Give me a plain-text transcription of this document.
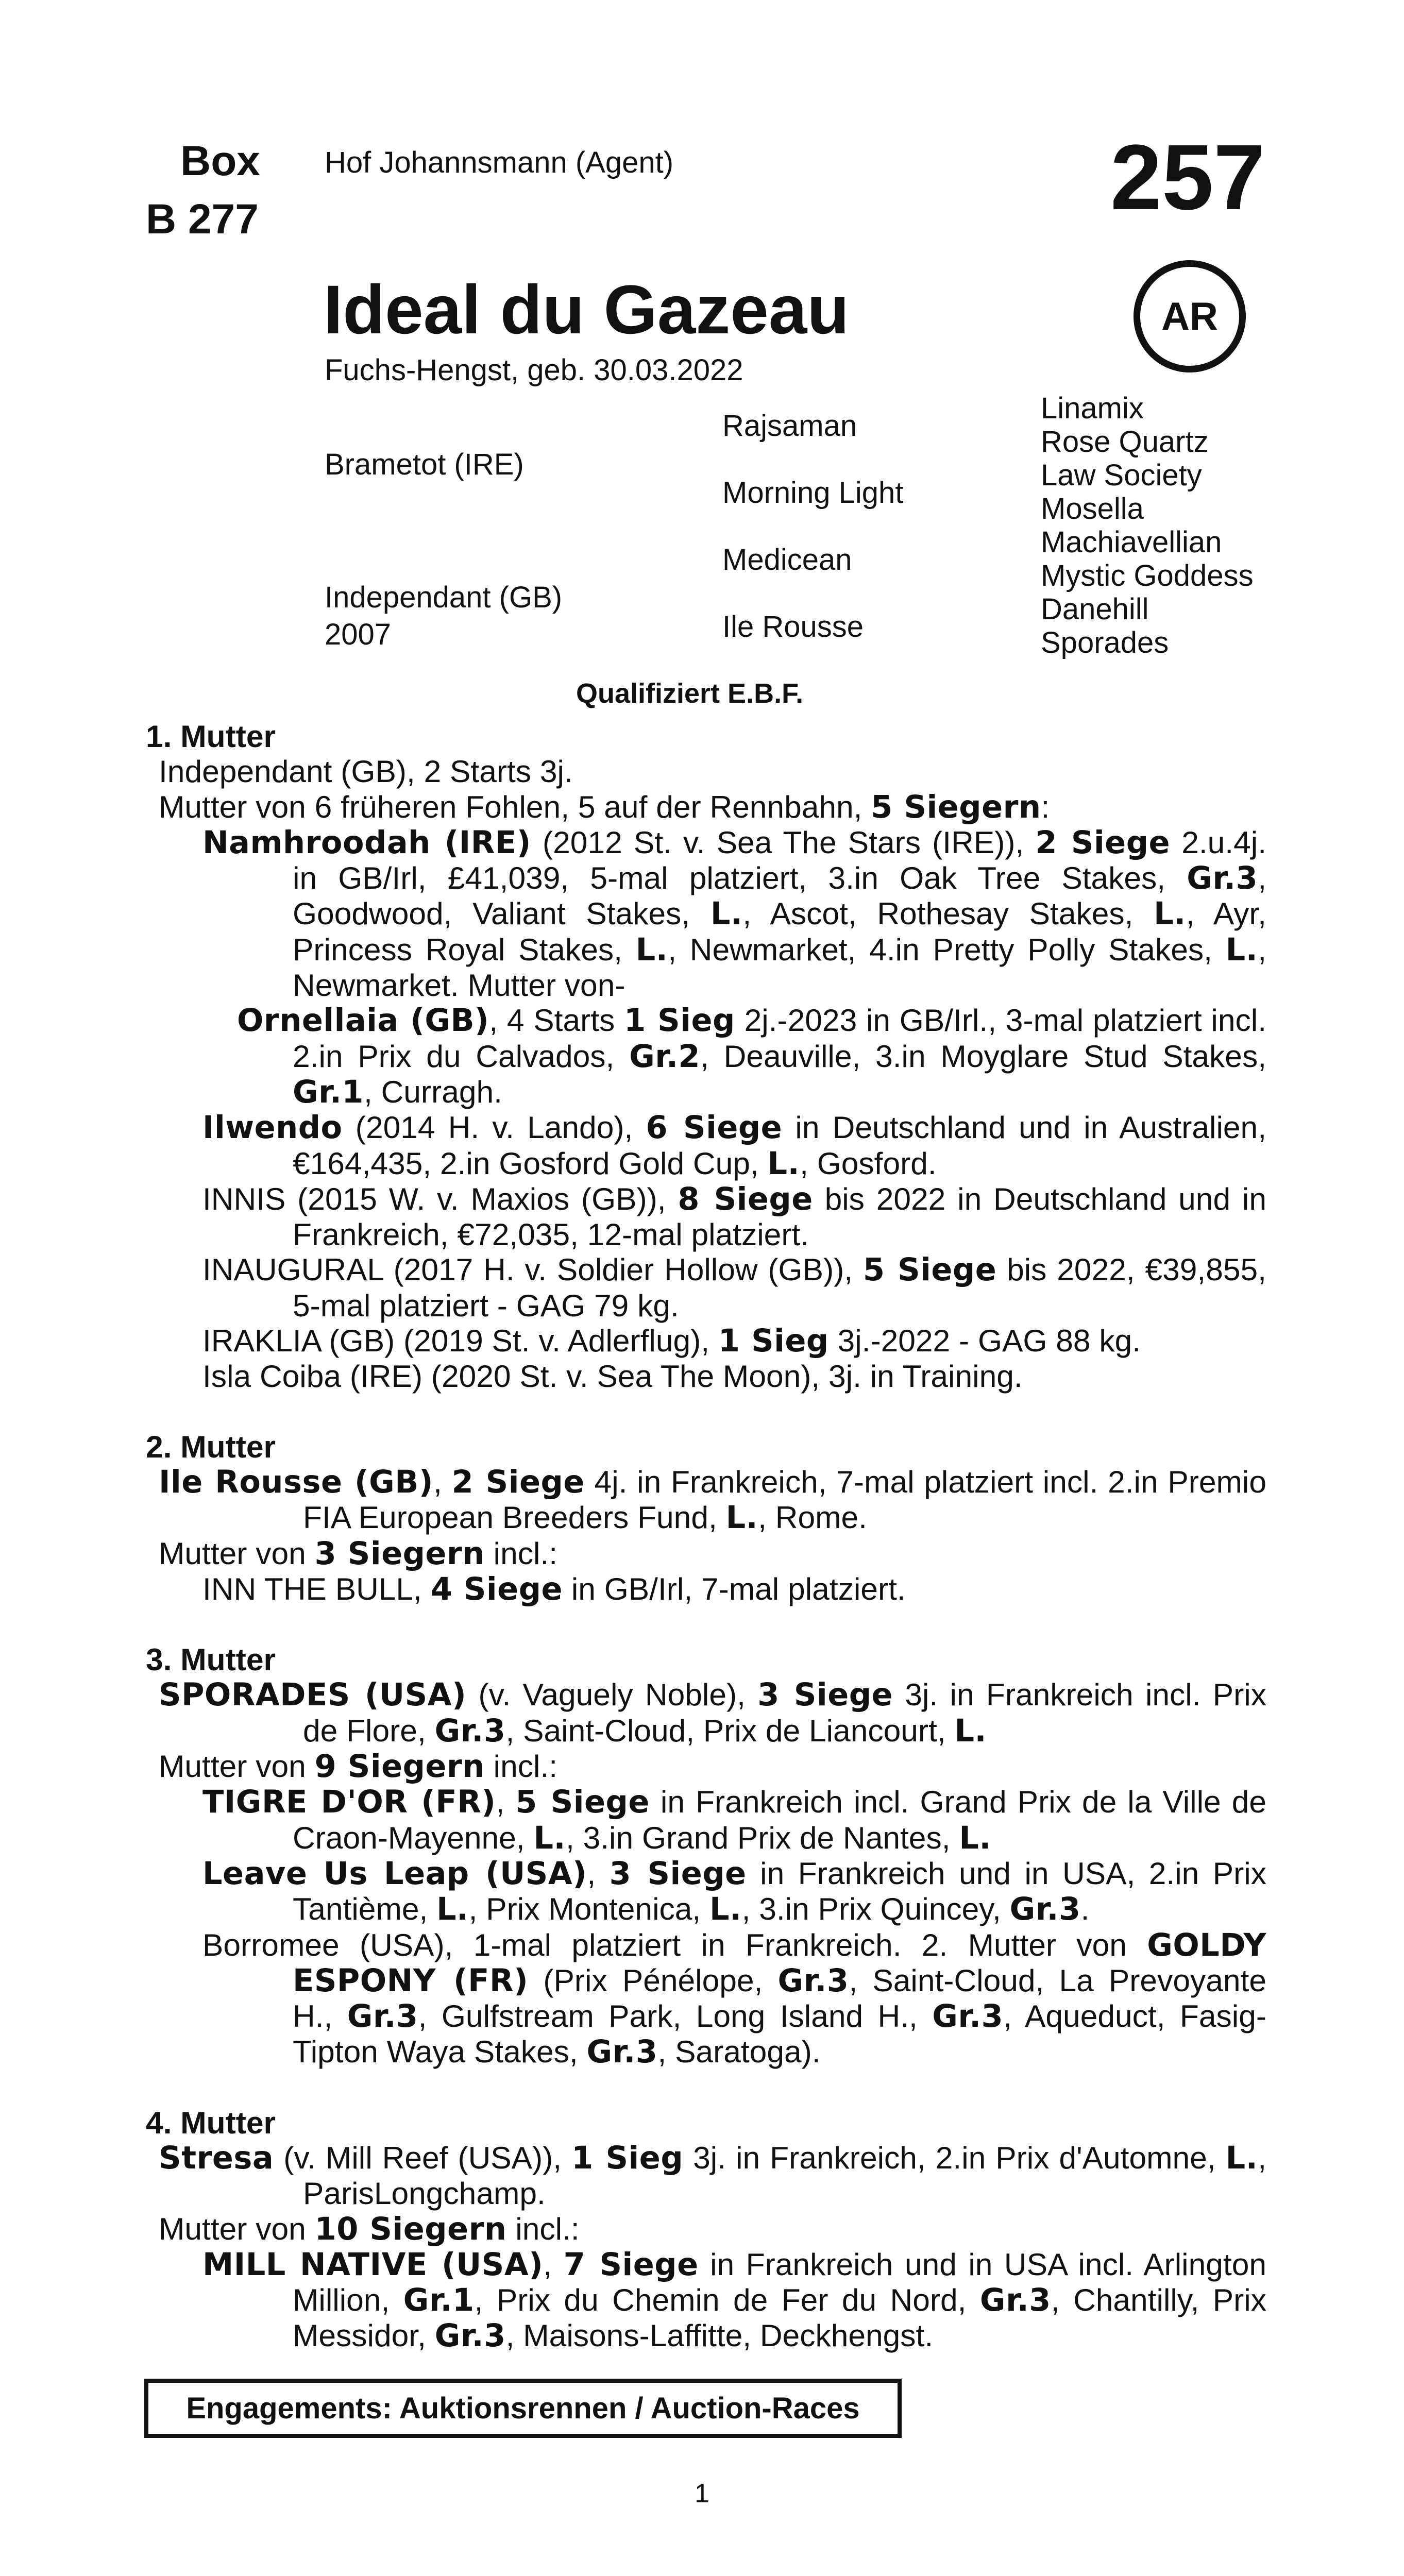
Box
B 277
Hof Johannsmann (Agent)	257
AR
Ideal du Gazeau
Fuchs-Hengst, geb. 30.03.2022
Brametot (IRE)
Independant (GB)
2007
Rajsaman
Morning Light
Medicean
Ile Rousse
Linamix
Rose Quartz
Law Society
Mosella
Machiavellian
Mystic Goddess
Danehill
Sporades
Qualifiziert E.B.F.

1. Mutter

Independant (GB), 2 Starts 3j.

Mutter von 6 früheren Fohlen, 5 auf der Rennbahn, 5 Siegern:

Namhroodah (IRE) (2012 St. v. Sea The Stars (IRE)), 2 Siege 2.u.4j. in GB/Irl, £41,039, 5-mal platziert, 3.in Oak Tree Stakes, Gr.3, Goodwood, Valiant Stakes, L., Ascot, Rothesay Stakes, L., Ayr, Princess Royal Stakes, L., Newmarket, 4.in Pretty Polly Stakes, L., Newmarket. Mutter von-

Ornellaia (GB), 4 Starts 1 Sieg 2j.-2023 in GB/Irl., 3-mal platziert incl. 2.in Prix du Calvados, Gr.2, Deauville, 3.in Moyglare Stud Stakes, Gr.1, Curragh.

Ilwendo (2014 H. v. Lando), 6 Siege in Deutschland und in Australien, €164,435, 2.in Gosford Gold Cup, L., Gosford.

INNIS (2015 W. v. Maxios (GB)), 8 Siege bis 2022 in Deutschland und in Frankreich, €72,035, 12-mal platziert.

INAUGURAL (2017 H. v. Soldier Hollow (GB)), 5 Siege bis 2022, €39,855, 5-mal platziert - GAG 79 kg.

IRAKLIA (GB) (2019 St. v. Adlerflug), 1 Sieg 3j.-2022 - GAG 88 kg.

Isla Coiba (IRE) (2020 St. v. Sea The Moon), 3j. in Training.

2. Mutter

Ile Rousse (GB), 2 Siege 4j. in Frankreich, 7-mal platziert incl. 2.in Premio FIA European Breeders Fund, L., Rome.

Mutter von 3 Siegern incl.:

INN THE BULL, 4 Siege in GB/Irl, 7-mal platziert.

3. Mutter

SPORADES (USA) (v. Vaguely Noble), 3 Siege 3j. in Frankreich incl. Prix de Flore, Gr.3, Saint-Cloud, Prix de Liancourt, L.

Mutter von 9 Siegern incl.:

TIGRE D'OR (FR), 5 Siege in Frankreich incl. Grand Prix de la Ville de Craon-Mayenne, L., 3.in Grand Prix de Nantes, L.

Leave Us Leap (USA), 3 Siege in Frankreich und in USA, 2.in Prix Tantième, L., Prix Montenica, L., 3.in Prix Quincey, Gr.3.

Borromee (USA), 1-mal platziert in Frankreich. 2. Mutter von GOLDY ESPONY (FR) (Prix Pénélope, Gr.3, Saint-Cloud, La Prevoyante H., Gr.3, Gulfstream Park, Long Island H., Gr.3, Aqueduct, Fasig-Tipton Waya Stakes, Gr.3, Saratoga).

4. Mutter

Stresa (v. Mill Reef (USA)), 1 Sieg 3j. in Frankreich, 2.in Prix d'Automne, L., ParisLongchamp.

Mutter von 10 Siegern incl.:

MILL NATIVE (USA), 7 Siege in Frankreich und in USA incl. Arlington Million, Gr.1, Prix du Chemin de Fer du Nord, Gr.3, Chantilly, Prix Messidor, Gr.3, Maisons-Laffitte, Deckhengst.

Engagements: Auktionsrennen / Auction-Races
1
